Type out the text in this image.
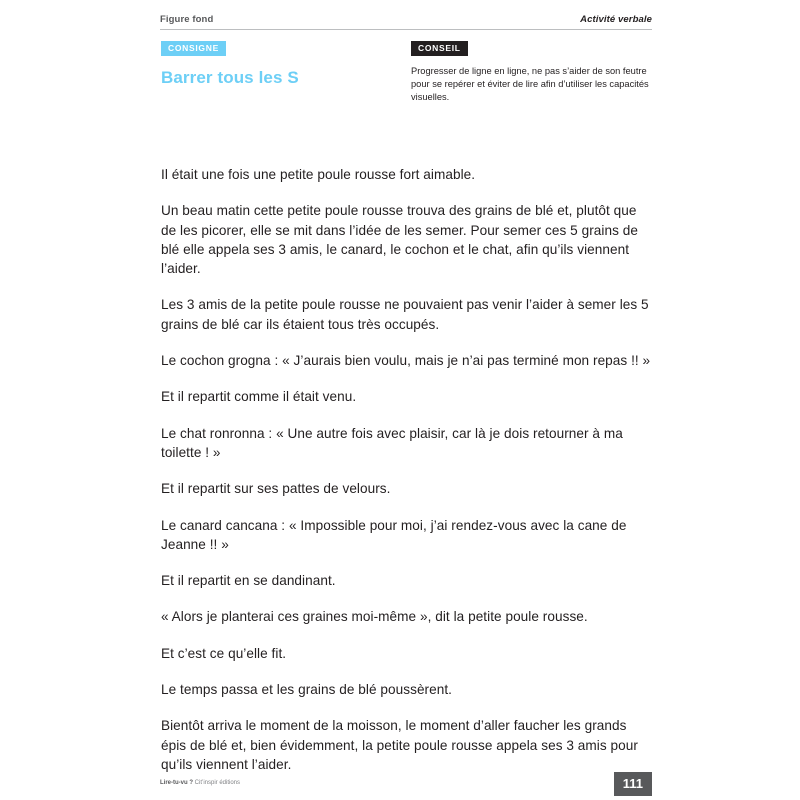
Figure fond	Activité verbale
CONSIGNE
Barrer tous les S
CONSEIL
Progresser de ligne en ligne, ne pas s’aider de son feutre pour se repérer et éviter de lire afin d’utiliser les capacités visuelles.

Il était une fois une petite poule rousse fort aimable.

Un beau matin cette petite poule rousse trouva des grains de blé et, plutôt que de les picorer, elle se mit dans l’idée de les semer. Pour semer ces 5 grains de blé elle appela ses 3 amis, le canard, le cochon et le chat, afin qu’ils viennent l’aider.

Les 3 amis de la petite poule rousse ne pouvaient pas venir l’aider à semer les 5 grains de blé car ils étaient tous très occupés.

Le cochon grogna : « J’aurais bien voulu, mais je n’ai pas terminé mon repas !! »

Et il repartit comme il était venu.

Le chat ronronna : « Une autre fois avec plaisir, car là je dois retourner à ma toilette ! »

Et il repartit sur ses pattes de velours.

Le canard cancana : « Impossible pour moi, j’ai rendez-vous avec la cane de Jeanne !! »

Et il repartit en se dandinant.

« Alors je planterai ces graines moi-même », dit la petite poule rousse.

Et c’est ce qu’elle fit.

Le temps passa et les grains de blé poussèrent.

Bientôt arriva le moment de la moisson, le moment d’aller faucher les grands épis de blé et, bien évidemment, la petite poule rousse appela ses 3 amis pour qu’ils viennent l’aider.

Lire-tu-vu ? Cit’inspir éditions	111
